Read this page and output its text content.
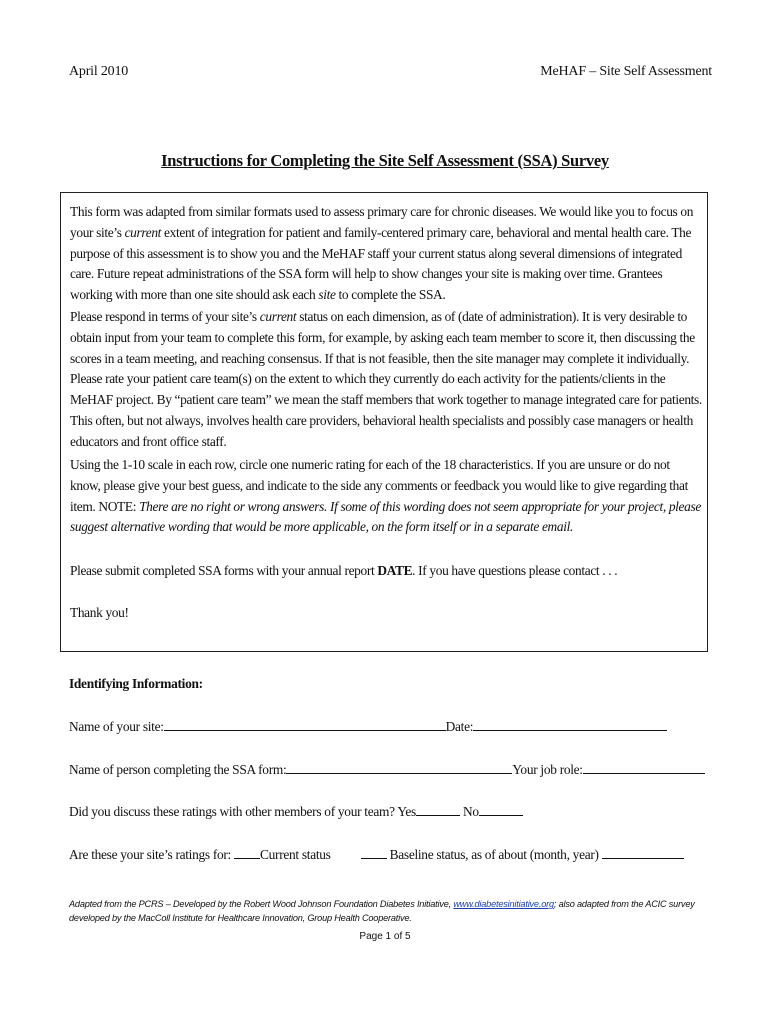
April 2010	MeHAF – Site Self Assessment
Instructions for Completing the Site Self Assessment (SSA) Survey

This form was adapted from similar formats used to assess primary care for chronic diseases. We would like you to focus on your site’s current extent of integration for patient and family-centered primary care, behavioral and mental health care. The purpose of this assessment is to show you and the MeHAF staff your current status along several dimensions of integrated care. Future repeat administrations of the SSA form will help to show changes your site is making over time. Grantees working with more than one site should ask each site to complete the SSA.

Please respond in terms of your site’s current status on each dimension, as of (date of administration). It is very desirable to obtain input from your team to complete this form, for example, by asking each team member to score it, then discussing the scores in a team meeting, and reaching consensus. If that is not feasible, then the site manager may complete it individually. Please rate your patient care team(s) on the extent to which they currently do each activity for the patients/clients in the MeHAF project. By “patient care team” we mean the staff members that work together to manage integrated care for patients. This often, but not always, involves health care providers, behavioral health specialists and possibly case managers or health educators and front office staff.

Using the 1-10 scale in each row, circle one numeric rating for each of the 18 characteristics. If you are unsure or do not know, please give your best guess, and indicate to the side any comments or feedback you would like to give regarding that item. NOTE: There are no right or wrong answers. If some of this wording does not seem appropriate for your project, please suggest alternative wording that would be more applicable, on the form itself or in a separate email.

Please submit completed SSA forms with your annual report DATE. If you have questions please contact . . .

Thank you!

Identifying Information:
Name of your site:	Date:
Name of person completing the SSA form:	Your job role:
Did you discuss these ratings with other members of your team? Yes	No
Are these your site’s ratings for: Current status	Baseline status, as of about (month, year)
Adapted from the PCRS – Developed by the Robert Wood Johnson Foundation Diabetes Initiative, www.diabetesinitiative.org; also adapted from the ACIC survey developed by the MacColl Institute for Healthcare Innovation, Group Health Cooperative.
Page 1 of 5
